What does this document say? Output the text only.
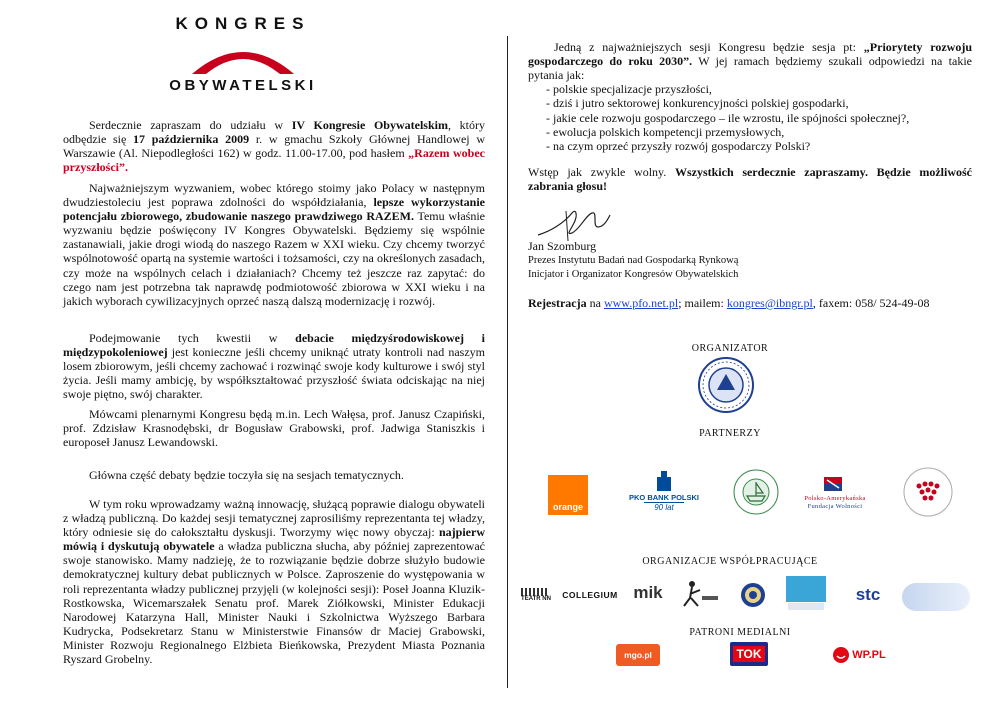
KONGRES
OBYWATELSKI

Serdecznie zapraszam do udziału w IV Kongresie Obywatelskim, który odbędzie się 17 października 2009 r. w gmachu Szkoły Głównej Handlowej w Warszawie (Al. Niepodległości 162) w godz. 11.00-17.00, pod hasłem „Razem wobec przyszłości”.

Najważniejszym wyzwaniem, wobec którego stoimy jako Polacy w następnym dwudziestoleciu jest poprawa zdolności do współdziałania, lepsze wykorzystanie potencjału zbiorowego, zbudowanie naszego prawdziwego RAZEM. Temu właśnie wyzwaniu będzie poświęcony IV Kongres Obywatelski. Będziemy się wspólnie zastanawiali, jakie drogi wiodą do naszego Razem w XXI wieku. Czy chcemy tworzyć wspólnotowość opartą na systemie wartości i tożsamości, czy na określonych zasadach, czy może na wspólnych celach i działaniach? Chcemy też jeszcze raz zapytać: do czego nam jest potrzebna tak naprawdę podmiotowość zbiorowa w XXI wieku i na jakich wyborach cywilizacyjnych oprzeć naszą dalszą modernizację i rozwój.

Podejmowanie tych kwestii w debacie międzyśrodowiskowej i międzypokoleniowej jest konieczne jeśli chcemy uniknąć utraty kontroli nad naszym losem zbiorowym, jeśli chcemy zachować i rozwinąć swoje kody kulturowe i swój styl życia. Jeśli mamy ambicję, by współkształtować przyszłość świata odciskając na niej swoje piętno, swój charakter.

Mówcami plenarnymi Kongresu będą m.in. Lech Wałęsa, prof. Janusz Czapiński, prof. Zdzisław Krasnodębski, dr Bogusław Grabowski, prof. Jadwiga Staniszkis i europoseł Janusz Lewandowski.

Główna część debaty będzie toczyła się na sesjach tematycznych.

W tym roku wprowadzamy ważną innowację, służącą poprawie dialogu obywateli z władzą publiczną. Do każdej sesji tematycznej zaprosiliśmy reprezentanta tej władzy, który odniesie się do całokształtu dyskusji. Tworzymy więc nowy obyczaj: najpierw mówią i dyskutują obywatele a władza publiczna słucha, aby później zaprezentować swoje stanowisko. Mamy nadzieję, że to rozwiązanie będzie dobrze służyło budowie demokratycznej kultury debat publicznych w Polsce. Zaproszenie do występowania w roli reprezentanta władzy publicznej przyjęli (w kolejności sesji): Poseł Joanna Kluzik-Rostkowska, Wicemarszałek Senatu prof. Marek Ziółkowski, Minister Edukacji Narodowej Katarzyna Hall, Minister Nauki i Szkolnictwa Wyższego Barbara Kudrycka, Podsekretarz Stanu w Ministerstwie Finansów dr Maciej Grabowski, Minister Rozwoju Regionalnego Elżbieta Bieńkowska, Prezydent Miasta Poznania Ryszard Grobelny.

Jedną z najważniejszych sesji Kongresu będzie sesja pt: „Priorytety rozwoju gospodarczego do roku 2030”. W jej ramach będziemy szukali odpowiedzi na takie pytania jak:

- polskie specjalizacje przyszłości,
- dziś i jutro sektorowej konkurencyjności polskiej gospodarki,
- jakie cele rozwoju gospodarczego – ile wzrostu, ile spójności społecznej?,
- ewolucja polskich kompetencji przemysłowych,
- na czym oprzeć przyszły rozwój gospodarczy Polski?

Wstęp jak zwykle wolny. Wszystkich serdecznie zapraszamy. Będzie możliwość zabrania głosu!

Jan Szomburg
Prezes Instytutu Badań nad Gospodarką Rynkową
Inicjator i Organizator Kongresów Obywatelskich

Rejestracja na www.pfo.net.pl; mailem: kongres@ibngr.pl, faxem: 058/ 524-49-08

ORGANIZATOR
PARTNERZY
orange
PKO BANK POLSKI
90 lat
Polsko-Amerykańska
Fundacja Wolności
ORGANIZACJE WSPÓŁPRACUJĄCE
TEATR NN COLLEGIUM mik	stc
PATRONI MEDIALNI
mgo.pl	TOK	WP.PL
